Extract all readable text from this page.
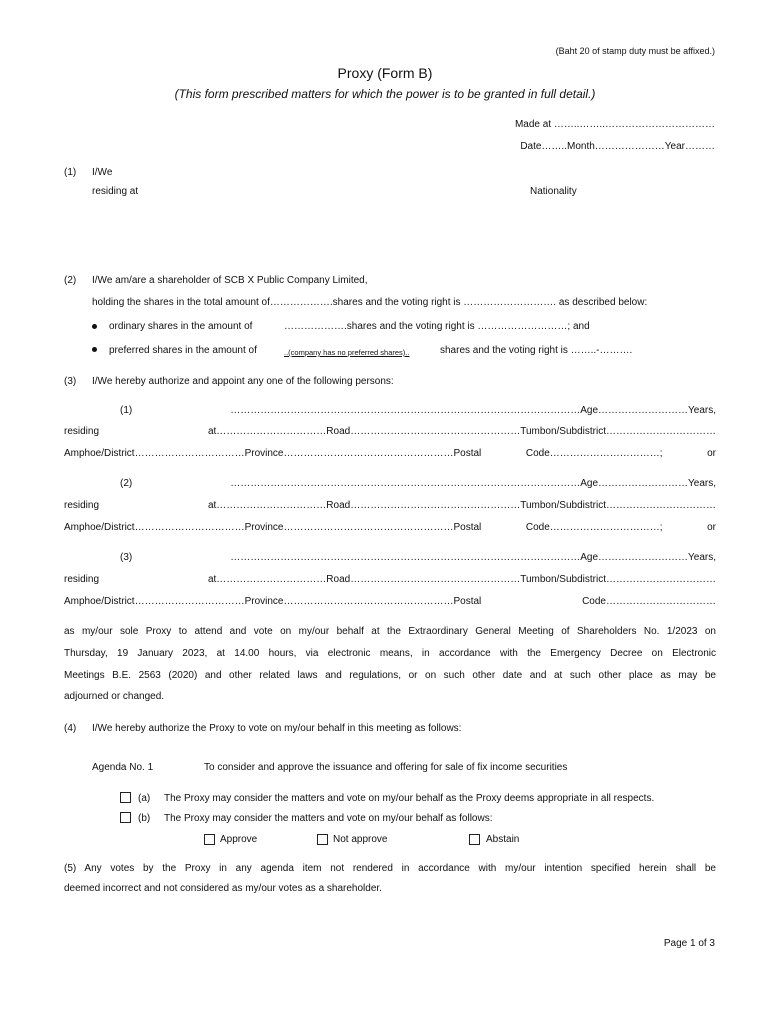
(Baht 20 of stamp duty must be affixed.)
Proxy (Form B)
(This form prescribed matters for which the power is to be granted in full detail.)
Made at ……..……..……………………………
Date……..Month…………………Year………
(1) I/We
residing at	Nationality
(2) I/We am/are a shareholder of SCB X Public Company Limited,
holding the shares in the total amount of……………….shares and the voting right is ………………………. as described below:
ordinary shares in the amount of	……………….shares and the voting right is ………………………; and
preferred shares in the amount of	..(company has no preferred shares)..	shares and the voting right is ……..-……….
(3) I/We hereby authorize and appoint any one of the following persons:
(1) ……………………………………………………………………………………………Age………………………Years,
residing at……………………………Road……………………………………………Tumbon/Subdistrict……………………………
Amphoe/District……………………………Province……………………………………………Postal Code……………………………; or
(2) ……………………………………………………………………………………………Age………………………Years,
residing at……………………………Road……………………………………………Tumbon/Subdistrict……………………………
Amphoe/District……………………………Province……………………………………………Postal Code……………………………; or
(3) ……………………………………………………………………………………………Age………………………Years,
residing at……………………………Road……………………………………………Tumbon/Subdistrict……………………………
Amphoe/District……………………………Province……………………………………………Postal Code……………………………
as my/our sole Proxy to attend and vote on my/our behalf at the Extraordinary General Meeting of Shareholders No. 1/2023 on
Thursday, 19 January 2023, at 14.00 hours, via electronic means, in accordance with the Emergency Decree on Electronic
Meetings B.E. 2563 (2020) and other related laws and regulations, or on such other date and at such other place as may be
adjourned or changed.
(4) I/We hereby authorize the Proxy to vote on my/our behalf in this meeting as follows:
Agenda No. 1	To consider and approve the issuance and offering for sale of fix income securities
(a) The Proxy may consider the matters and vote on my/our behalf as the Proxy deems appropriate in all respects.
(b) The Proxy may consider the matters and vote on my/our behalf as follows:
Approve	Not approve	Abstain
(5) Any votes by the Proxy in any agenda item not rendered in accordance with my/our intention specified herein shall be
deemed incorrect and not considered as my/our votes as a shareholder.
Page 1 of 3
